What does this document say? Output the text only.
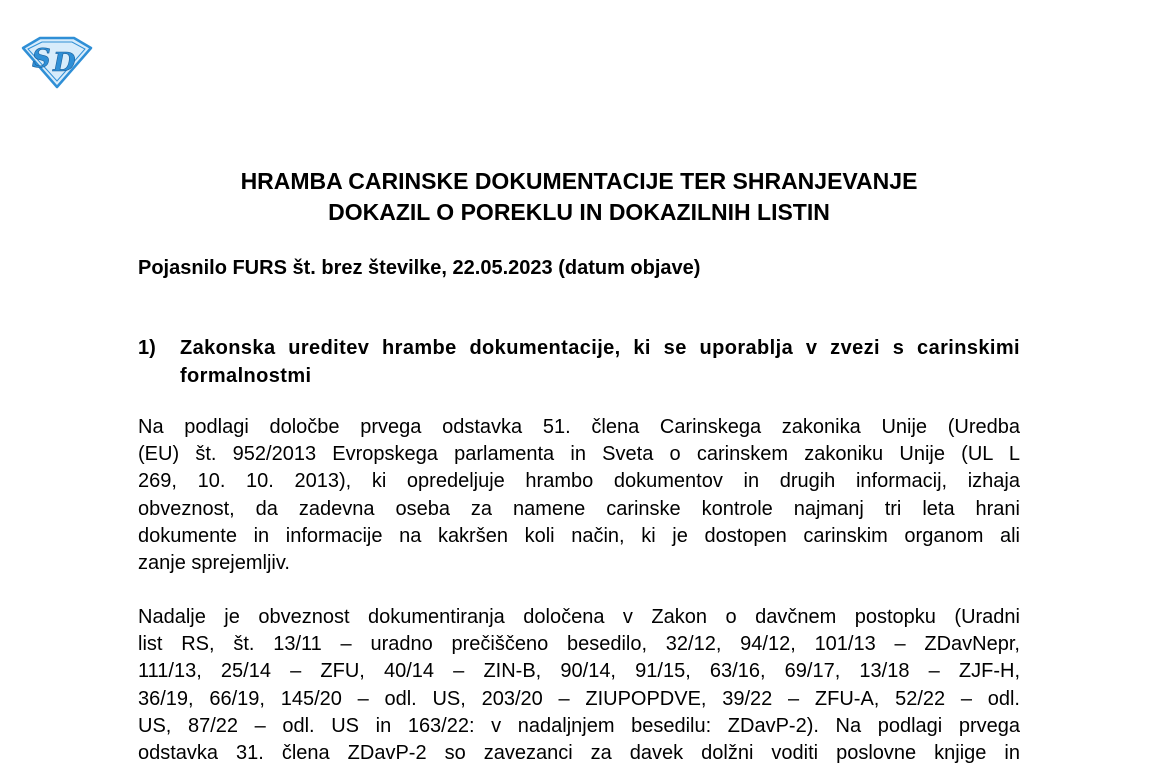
S D
HRAMBA CARINSKE DOKUMENTACIJE TER SHRANJEVANJE
DOKAZIL O POREKLU IN DOKAZILNIH LISTIN
Pojasnilo FURS št. brez številke, 22.05.2023 (datum objave)
1) Zakonska ureditev hrambe dokumentacije, ki se uporablja v zvezi s carinskimi formalnostmi
Na podlagi določbe prvega odstavka 51. člena Carinskega zakonika Unije (Uredba
(EU) št. 952/2013 Evropskega parlamenta in Sveta o carinskem zakoniku Unije (UL L
269, 10. 10. 2013), ki opredeljuje hrambo dokumentov in drugih informacij, izhaja
obveznost, da zadevna oseba za namene carinske kontrole najmanj tri leta hrani
dokumente in informacije na kakršen koli način, ki je dostopen carinskim organom ali
zanje sprejemljiv.
Nadalje je obveznost dokumentiranja določena v Zakon o davčnem postopku (Uradni
list RS, št. 13/11 – uradno prečiščeno besedilo, 32/12, 94/12, 101/13 – ZDavNepr,
111/13, 25/14 – ZFU, 40/14 – ZIN-B, 90/14, 91/15, 63/16, 69/17, 13/18 – ZJF-H,
36/19, 66/19, 145/20 – odl. US, 203/20 – ZIUPOPDVE, 39/22 – ZFU-A, 52/22 – odl.
US, 87/22 – odl. US in 163/22: v nadaljnjem besedilu: ZDavP-2). Na podlagi prvega
odstavka 31. člena ZDavP-2 so zavezanci za davek dolžni voditi poslovne knjige in
